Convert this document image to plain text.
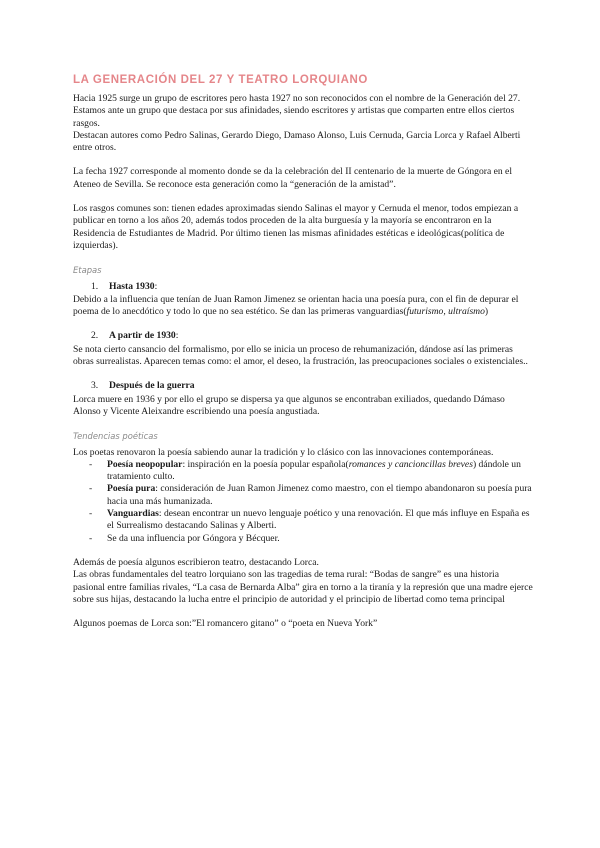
LA GENERACIÓN DEL 27 Y TEATRO LORQUIANO

Hacia 1925 surge un grupo de escritores pero hasta 1927 no son reconocidos con el nombre de la Generación del 27. Estamos ante un grupo que destaca por sus afinidades, siendo escritores y artistas que comparten entre ellos ciertos rasgos.

Destacan autores como Pedro Salinas, Gerardo Diego, Damaso Alonso, Luis Cernuda, Garcia Lorca y Rafael Alberti entre otros.

La fecha 1927 corresponde al momento donde se da la celebración del II centenario de la muerte de Góngora en el Ateneo de Sevilla. Se reconoce esta generación como la “generación de la amistad”.

Los rasgos comunes son: tienen edades aproximadas siendo Salinas el mayor y Cernuda el menor, todos empiezan a publicar en torno a los años 20, además todos proceden de la alta burguesía y la mayoría se encontraron en la Residencia de Estudiantes de Madrid. Por último tienen las mismas afinidades estéticas e ideológicas(política de izquierdas).

Etapas

1. Hasta 1930:

Debido a la influencia que tenían de Juan Ramon Jimenez se orientan hacia una poesía pura, con el fin de depurar el poema de lo anecdótico y todo lo que no sea estético. Se dan las primeras vanguardias(futurismo, ultraísmo)

2. A partir de 1930:

Se nota cierto cansancio del formalismo, por ello se inicia un proceso de rehumanización, dándose así las primeras obras surrealistas. Aparecen temas como: el amor, el deseo, la frustración, las preocupaciones sociales o existenciales..

3. Después de la guerra

Lorca muere en 1936 y por ello el grupo se dispersa ya que algunos se encontraban exiliados, quedando Dámaso Alonso y Vicente Aleixandre escribiendo una poesía angustiada.

Tendencias poéticas

Los poetas renovaron la poesía sabiendo aunar la tradición y lo clásico con las innovaciones contemporáneas.

- Poesía neopopular: inspiración en la poesía popular española(romances y cancioncillas breves) dándole un tratamiento culto.
- Poesía pura: consideración de Juan Ramon Jimenez como maestro, con el tiempo abandonaron su poesía pura hacia una más humanizada.
- Vanguardias: desean encontrar un nuevo lenguaje poético y una renovación. El que más influye en España es el Surrealismo destacando Salinas y Alberti.
- Se da una influencia por Góngora y Bécquer.

Además de poesía algunos escribieron teatro, destacando Lorca.

Las obras fundamentales del teatro lorquiano son las tragedias de tema rural: “Bodas de sangre” es una historia pasional entre familias rivales, “La casa de Bernarda Alba” gira en torno a la tiranía y la represión que una madre ejerce sobre sus hijas, destacando la lucha entre el principio de autoridad y el principio de libertad como tema principal

Algunos poemas de Lorca son:”El romancero gitano” o “poeta en Nueva York”
